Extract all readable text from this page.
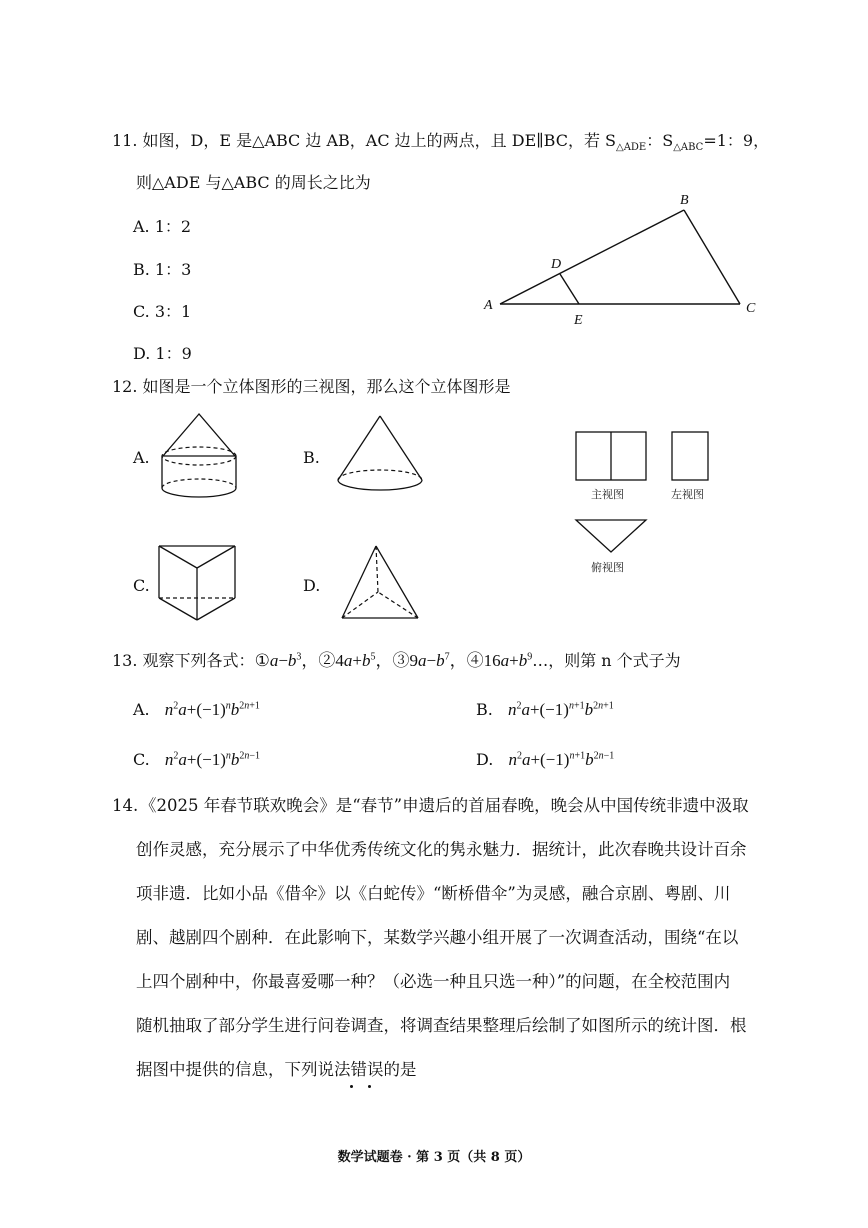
11. 如图，D，E 是△ABC 边 AB，AC 边上的两点，且 DE∥BC，若 $S_{\triangle ADE}$：$S_{\triangle ABC}=1$：9，
则△ADE 与△ABC 的周长之比为
A. 1：2
B. 1：3
C. 3：1
D. 1：9
A
B
C
D
E
12. 如图是一个立体图形的三视图，那么这个立体图形是
A.	B.
C.	D.
主视图	左视图
俯视图
13. 观察下列各式：$①a-b^3$，$②4a+b^5$，$③9a-b^7$，$④16a+b^9\dots$，则第 n 个式子为
A. $n^2a+(-1)^nb^{2n+1}$	B. $n^2a+(-1)^{n+1}b^{2n+1}$
C. $n^2a+(-1)^nb^{2n-1}$	D. $n^2a+(-1)^{n+1}b^{2n-1}$
14. 《2025 年春节联欢晚会》是“春节”申遗后的首届春晚，晚会从中国传统非遗中汲取
创作灵感，充分展示了中华优秀传统文化的隽永魅力．据统计，此次春晚共设计百余
项非遗．比如小品《借伞》以《白蛇传》“断桥借伞”为灵感，融合京剧、粤剧、川
剧、越剧四个剧种．在此影响下，某数学兴趣小组开展了一次调查活动，围绕“在以
上四个剧种中，你最喜爱哪一种？（必选一种且只选一种）”的问题，在全校范围内
随机抽取了部分学生进行问卷调查，将调查结果整理后绘制了如图所示的统计图．根
据图中提供的信息，下列说法错误的是
数学试题卷 · 第 3 页（共 8 页）
